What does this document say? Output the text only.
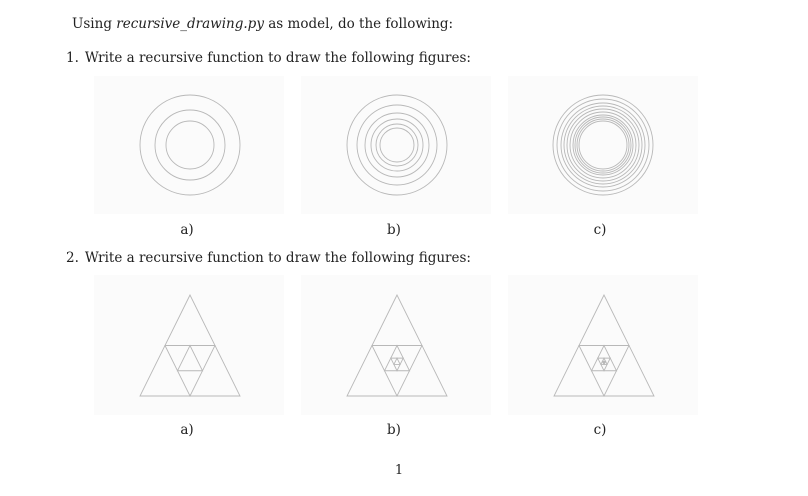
Using recursive_drawing.py as model, do the following:
1. Write a recursive function to draw the following figures:
a)	b)	c)
2. Write a recursive function to draw the following figures:
a)	b)	c)
1
